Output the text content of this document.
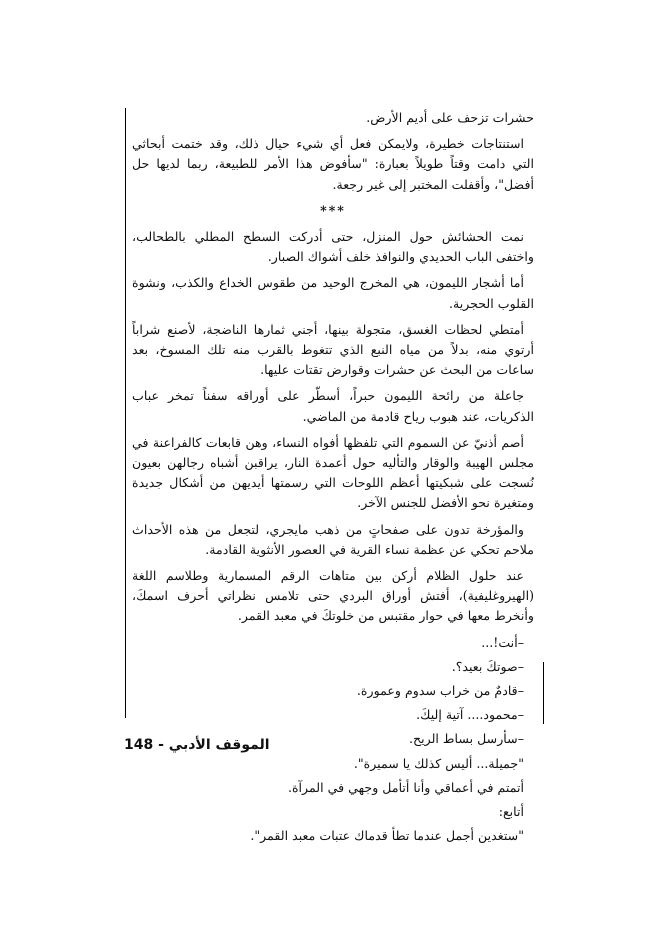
حشرات تزحف على أديم الأرض.

استنتاجات خطيرة، ولايمكن فعل أي شيء حيال ذلك، وقد ختمت أبحاثي التي دامت وقتاً طويلاً بعبارة: "سأفوض هذا الأمر للطبيعة، ربما لديها حل أفضل"، وأقفلت المختبر إلى غير رجعة.

***

نمت الحشائش حول المنزل، حتى أدركت السطح المطلي بالطحالب، واختفى الباب الحديدي والنوافذ خلف أشواك الصبار.

أما أشجار الليمون، هي المخرج الوحيد من طقوس الخداع والكذب، ونشوة القلوب الحجرية.

أمتطي لحظات الغسق، متجولة بينها، أجني ثمارها الناضجة، لأصنع شراباً أرتوي منه، بدلاً من مياه النبع الذي تتغوط بالقرب منه تلك المسوخ، بعد ساعات من البحث عن حشرات وقوارض تقتات عليها.

جاعلة من رائحة الليمون حبراً، أسطّر على أوراقه سفناً تمخر عباب الذكريات، عند هبوب رياح قادمة من الماضي.

أصم أذنيّ عن السموم التي تلفظها أفواه النساء، وهن قابعات كالفراعنة في مجلس الهيبة والوقار والتأليه حول أعمدة النار، يراقبن أشباه رجالهن بعيون نُسجت على شبكيتها أعظم اللوحات التي رسمتها أيديهن من أشكال جديدة ومتغيرة نحو الأفضل للجنس الآخر.

والمؤرخة تدون على صفحاتٍ من ذهب مايجري، لتجعل من هذه الأحداث ملاحم تحكي عن عظمة نساء القرية في العصور الأنثوية القادمة.

عند حلول الظلام أركن بين متاهات الرقم المسمارية وطلاسم اللغة (الهيروغليفية)، أفتش أوراق البردي حتى تلامس نظراتي أحرف اسمكَ، وأنخرط معها في حوار مقتبس من خلوتكَ في معبد القمر.

–أنت!...

–صوتكَ بعيد؟.

–قادمٌ من خراب سدوم وعمورة.

–محمود.... آتية إليكَ.

–سأرسل بساط الريح.

"جميلة... أليس كذلك يا سميرة".

أتمتم في أعماقي وأنا أتأمل وجهي في المرآة.

أتابع:

"ستغدين أجمل عندما تطأ قدماك عتبات معبد القمر".

الموقف الأدبي - 148
